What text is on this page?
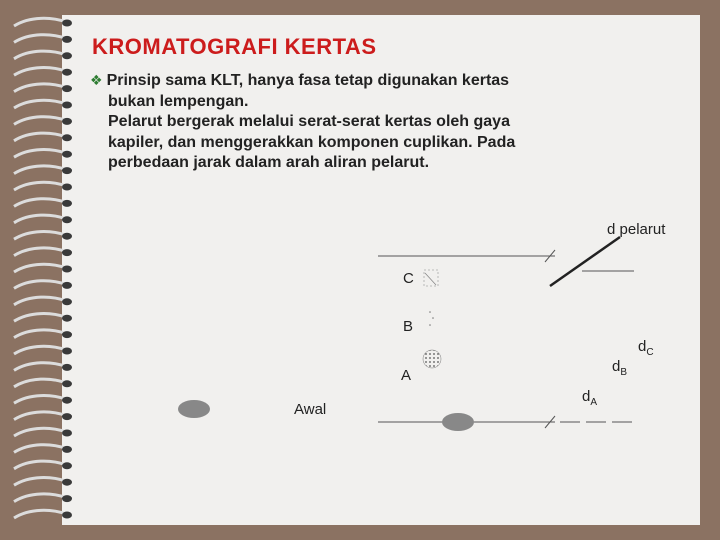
KROMATOGRAFI KERTAS
❖ Prinsip sama KLT, hanya fasa tetap digunakan kertas
bukan lempengan.
Pelarut bergerak melalui serat-serat kertas oleh gaya
kapiler, dan menggerakkan komponen cuplikan. Pada
perbedaan jarak dalam arah aliran pelarut.
C
B
A
Awal
d pelarut
$d_C$
$d_B$
$d_A$
